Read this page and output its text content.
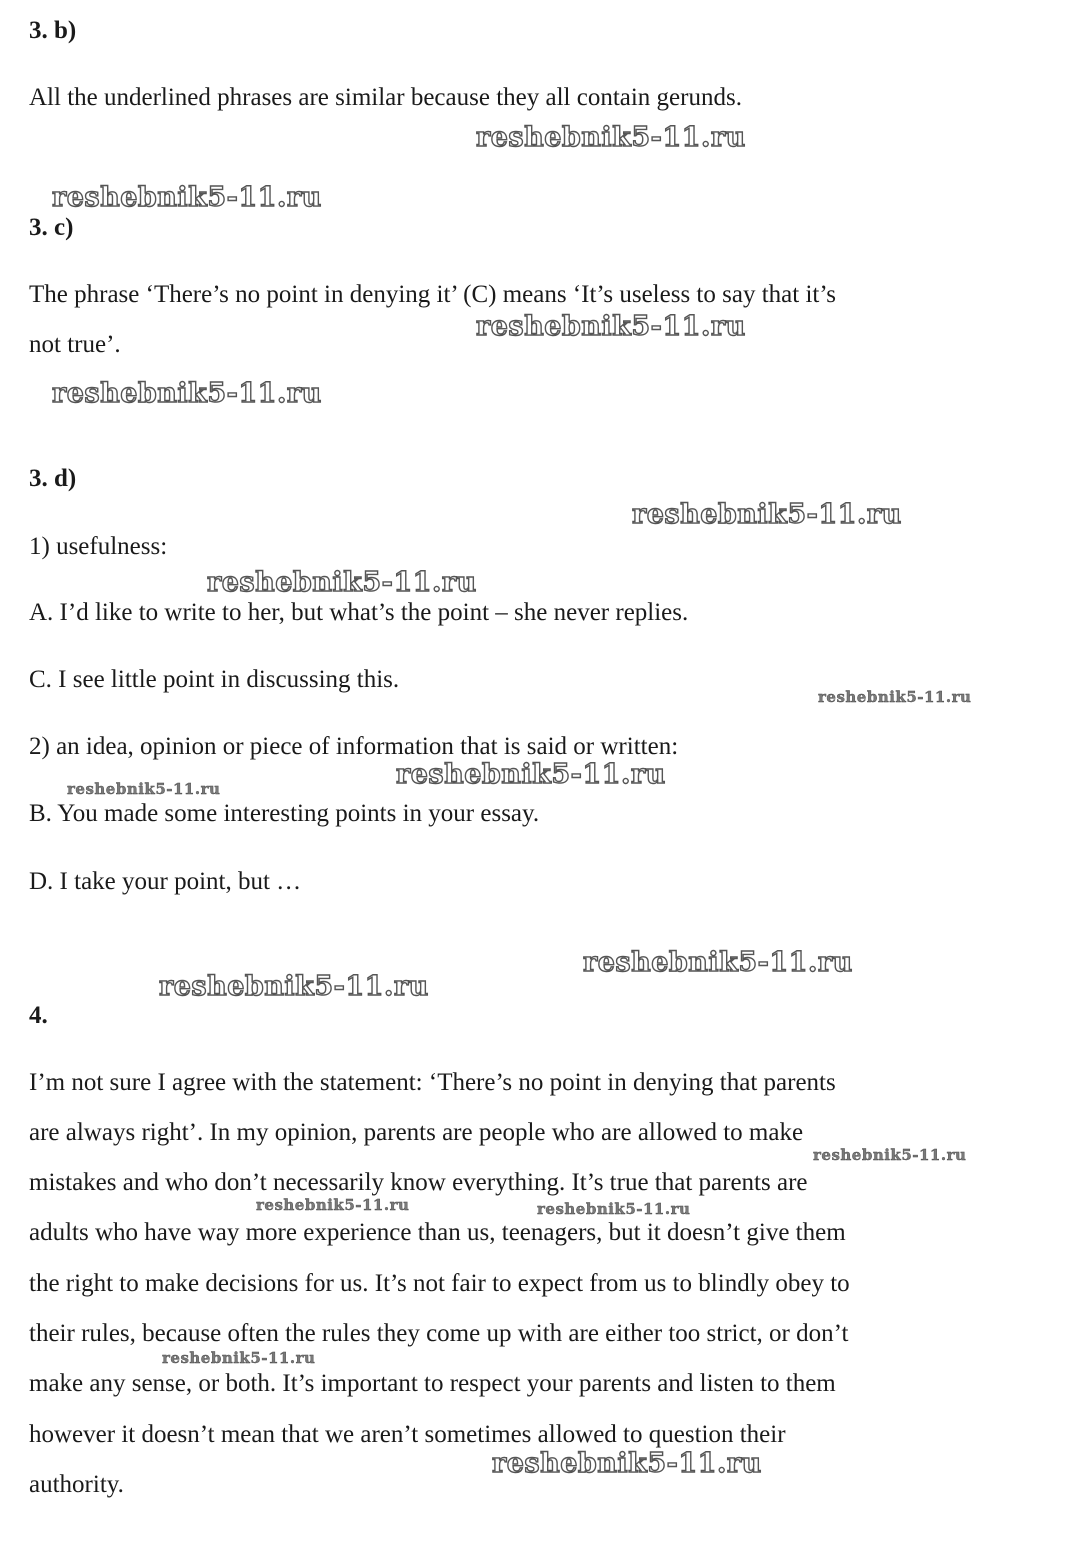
3. b)

All the underlined phrases are similar because they all contain gerunds.

3. c)

The phrase ‘There’s no point in denying it’ (C) means ‘It’s useless to say that it’s

not true’.

3. d)

1) usefulness:

A. I’d like to write to her, but what’s the point – she never replies.

C. I see little point in discussing this.

2) an idea, opinion or piece of information that is said or written:

B. You made some interesting points in your essay.

D. I take your point, but …

4.

I’m not sure I agree with the statement: ‘There’s no point in denying that parents

are always right’. In my opinion, parents are people who are allowed to make

mistakes and who don’t necessarily know everything. It’s true that parents are

adults who have way more experience than us, teenagers, but it doesn’t give them

the right to make decisions for us. It’s not fair to expect from us to blindly obey to

their rules, because often the rules they come up with are either too strict, or don’t

make any sense, or both. It’s important to respect your parents and listen to them

however it doesn’t mean that we aren’t sometimes allowed to question their

authority.

reshebnik5-11.ru
reshebnik5-11.ru
reshebnik5-11.ru
reshebnik5-11.ru
reshebnik5-11.ru
reshebnik5-11.ru
reshebnik5-11.ru
reshebnik5-11.ru
reshebnik5-11.ru
reshebnik5-11.ru
reshebnik5-11.ru
reshebnik5-11.ru
reshebnik5-11.ru	reshebnik5-11.ru
reshebnik5-11.ru
reshebnik5-11.ru
